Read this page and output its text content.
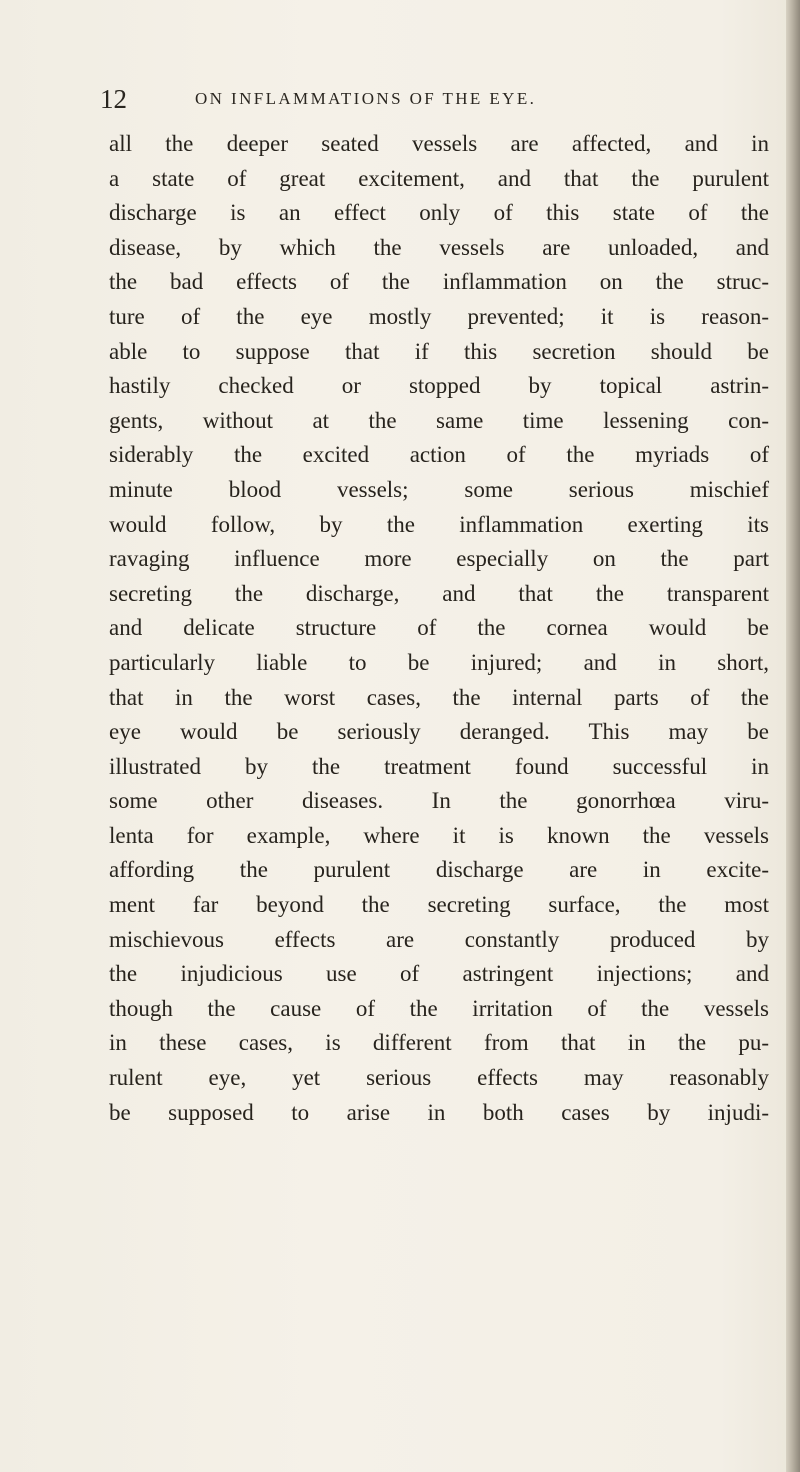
12	ON INFLAMMATIONS OF THE EYE.
all the deeper seated vessels are affected, and in
a state of great excitement, and that the purulent
discharge is an effect only of this state of the
disease, by which the vessels are unloaded, and
the bad effects of the inflammation on the struc-
ture of the eye mostly prevented; it is reason-
able to suppose that if this secretion should be
hastily checked or stopped by topical astrin-
gents, without at the same time lessening con-
siderably the excited action of the myriads of
minute blood vessels; some serious mischief
would follow, by the inflammation exerting its
ravaging influence more especially on the part
secreting the discharge, and that the transparent
and delicate structure of the cornea would be
particularly liable to be injured; and in short,
that in the worst cases, the internal parts of the
eye would be seriously deranged. This may be
illustrated by the treatment found successful in
some other diseases. In the gonorrhœa viru-
lenta for example, where it is known the vessels
affording the purulent discharge are in excite-
ment far beyond the secreting surface, the most
mischievous effects are constantly produced by
the injudicious use of astringent injections; and
though the cause of the irritation of the vessels
in these cases, is different from that in the pu-
rulent eye, yet serious effects may reasonably
be supposed to arise in both cases by injudi-
